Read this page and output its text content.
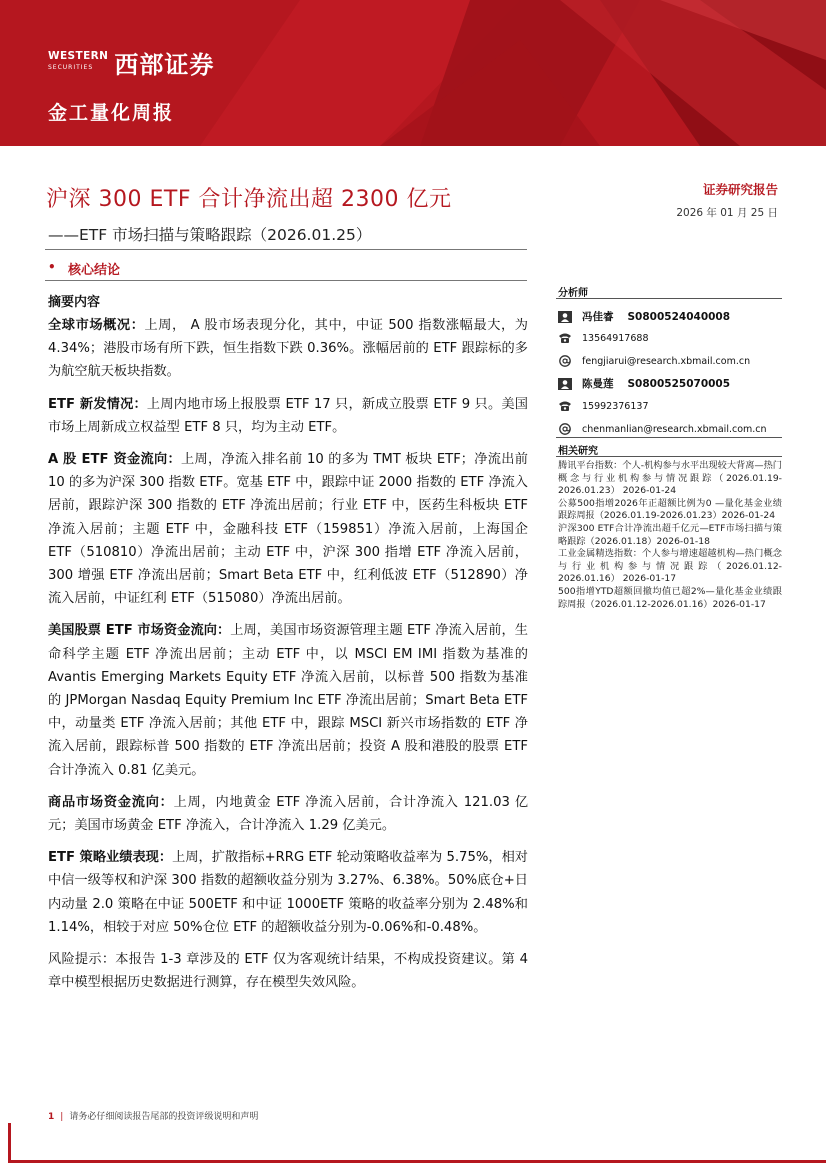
WESTERN
SECURITIES 西部证券
金工量化周报
沪深 300 ETF 合计净流出超 2300 亿元
——ETF 市场扫描与策略跟踪（2026.01.25）
• 核心结论
证券研究报告
2026 年 01 月 25 日
摘要内容

全球市场概况：上周， A 股市场表现分化，其中，中证 500 指数涨幅最大，为 4.34%；港股市场有所下跌，恒生指数下跌 0.36%。涨幅居前的 ETF 跟踪标的多为航空航天板块指数。

ETF 新发情况：上周内地市场上报股票 ETF 17 只，新成立股票 ETF 9 只。美国市场上周新成立权益型 ETF 8 只，均为主动 ETF。

A 股 ETF 资金流向：上周，净流入排名前 10 的多为 TMT 板块 ETF；净流出前 10 的多为沪深 300 指数 ETF。宽基 ETF 中，跟踪中证 2000 指数的 ETF 净流入居前，跟踪沪深 300 指数的 ETF 净流出居前；行业 ETF 中，医药生科板块 ETF 净流入居前；主题 ETF 中，金融科技 ETF（159851）净流入居前，上海国企 ETF（510810）净流出居前；主动 ETF 中，沪深 300 指增 ETF 净流入居前，300 增强 ETF 净流出居前；Smart Beta ETF 中，红利低波 ETF（512890）净流入居前，中证红利 ETF（515080）净流出居前。

美国股票 ETF 市场资金流向：上周，美国市场资源管理主题 ETF 净流入居前，生命科学主题 ETF 净流出居前；主动 ETF 中，以 MSCI EM IMI 指数为基准的 Avantis Emerging Markets Equity ETF 净流入居前，以标普 500 指数为基准的 JPMorgan Nasdaq Equity Premium Inc ETF 净流出居前；Smart Beta ETF 中，动量类 ETF 净流入居前；其他 ETF 中，跟踪 MSCI 新兴市场指数的 ETF 净流入居前，跟踪标普 500 指数的 ETF 净流出居前；投资 A 股和港股的股票 ETF 合计净流入 0.81 亿美元。

商品市场资金流向：上周，内地黄金 ETF 净流入居前，合计净流入 121.03 亿元；美国市场黄金 ETF 净流入，合计净流入 1.29 亿美元。

ETF 策略业绩表现：上周，扩散指标+RRG ETF 轮动策略收益率为 5.75%，相对中信一级等权和沪深 300 指数的超额收益分别为 3.27%、6.38%。50%底仓+日内动量 2.0 策略在中证 500ETF 和中证 1000ETF 策略的收益率分别为 2.48%和 1.14%，相较于对应 50%仓位 ETF 的超额收益分别为-0.06%和-0.48%。

风险提示：本报告 1-3 章涉及的 ETF 仅为客观统计结果，不构成投资建议。第 4 章中模型根据历史数据进行测算，存在模型失效风险。

分析师
冯佳睿 S0800524040008
13564917688
fengjiarui@research.xbmail.com.cn
陈曼莲 S0800525070005
15992376137
chenmanlian@research.xbmail.com.cn
相关研究

腾讯平台指数：个人-机构参与水平出现较大背离—热门概念与行业机构参与情况跟踪（2026.01.19-2026.01.23） 2026-01-24

公募500指增2026年正超额比例为0 —量化基金业绩跟踪周报（2026.01.19-2026.01.23）2026-01-24

沪深300 ETF合计净流出超千亿元—ETF市场扫描与策略跟踪（2026.01.18）2026-01-18

工业金属精选指数：个人参与增速超越机构—热门概念与行业机构参与情况跟踪（2026.01.12-2026.01.16） 2026-01-17

500指增YTD超额回撤均值已超2%—量化基金业绩跟踪周报（2026.01.12-2026.01.16）2026-01-17

1 | 请务必仔细阅读报告尾部的投资评级说明和声明
